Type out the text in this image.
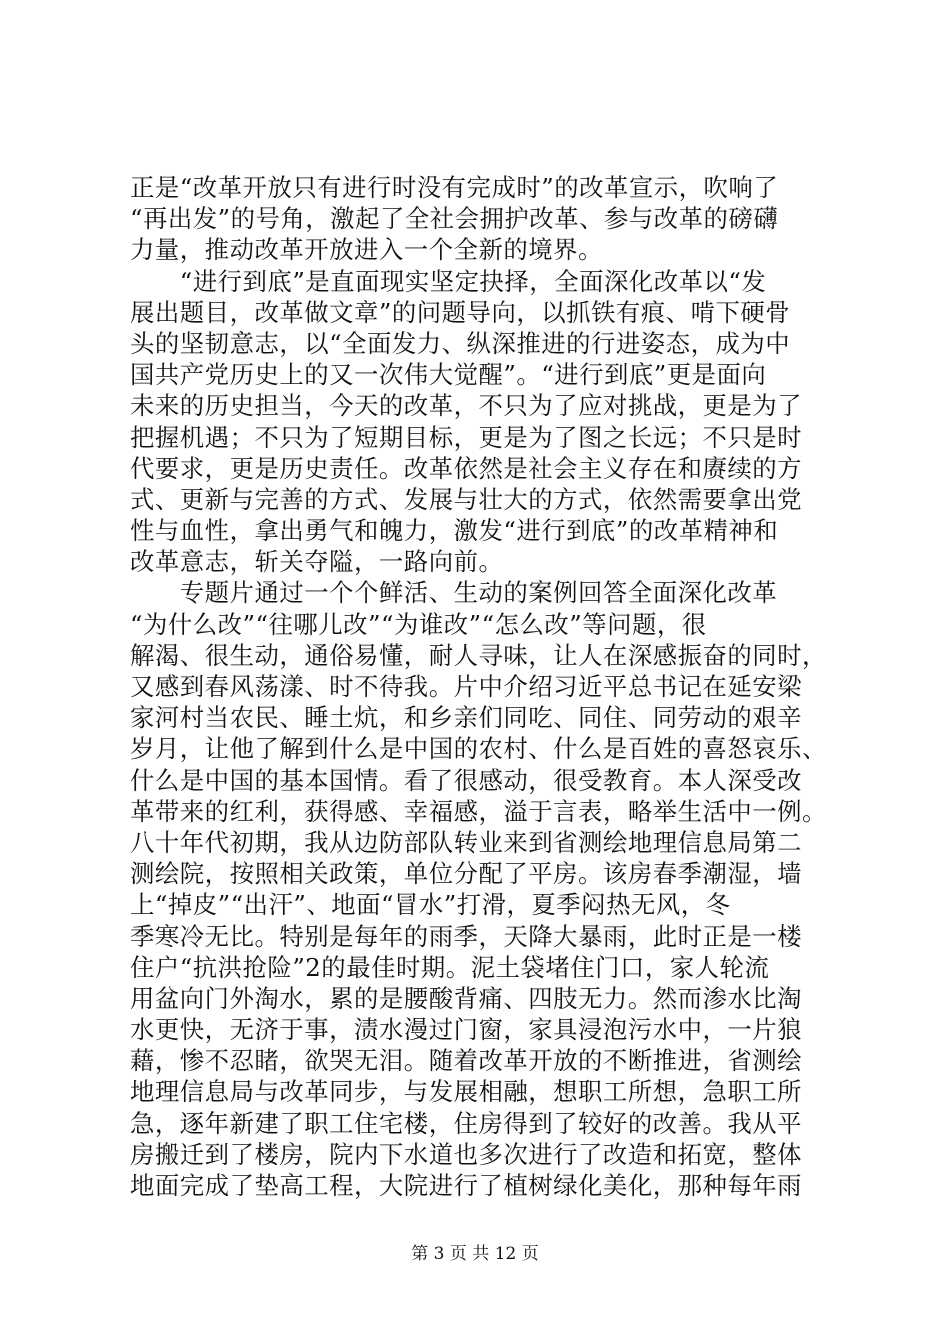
正是“改革开放只有进行时没有完成时”的改革宣示，吹响了
“再出发”的号角，激起了全社会拥护改革、参与改革的磅礴
力量，推动改革开放进入一个全新的境界。
　　“进行到底”是直面现实坚定抉择，全面深化改革以“发
展出题目，改革做文章”的问题导向，以抓铁有痕、啃下硬骨
头的坚韧意志，以“全面发力、纵深推进的行进姿态，成为中
国共产党历史上的又一次伟大觉醒”。“进行到底”更是面向
未来的历史担当，今天的改革，不只为了应对挑战，更是为了
把握机遇；不只为了短期目标，更是为了图之长远；不只是时
代要求，更是历史责任。改革依然是社会主义存在和赓续的方
式、更新与完善的方式、发展与壮大的方式，依然需要拿出党
性与血性，拿出勇气和魄力，激发“进行到底”的改革精神和
改革意志，斩关夺隘，一路向前。
　　专题片通过一个个鲜活、生动的案例回答全面深化改革
“为什么改”“往哪儿改”“为谁改”“怎么改”等问题，很
解渴、很生动，通俗易懂，耐人寻味，让人在深感振奋的同时，
又感到春风荡漾、时不待我。片中介绍习近平总书记在延安梁
家河村当农民、睡土炕，和乡亲们同吃、同住、同劳动的艰辛
岁月，让他了解到什么是中国的农村、什么是百姓的喜怒哀乐、
什么是中国的基本国情。看了很感动，很受教育。本人深受改
革带来的红利，获得感、幸福感，溢于言表，略举生活中一例。
八十年代初期，我从边防部队转业来到省测绘地理信息局第二
测绘院，按照相关政策，单位分配了平房。该房春季潮湿，墙
上“掉皮”“出汗”、地面“冒水”打滑，夏季闷热无风，冬
季寒冷无比。特别是每年的雨季，天降大暴雨，此时正是一楼
住户“抗洪抢险”2的最佳时期。泥土袋堵住门口，家人轮流
用盆向门外淘水，累的是腰酸背痛、四肢无力。然而渗水比淘
水更快，无济于事，渍水漫过门窗，家具浸泡污水中，一片狼
藉，惨不忍睹，欲哭无泪。随着改革开放的不断推进，省测绘
地理信息局与改革同步，与发展相融，想职工所想，急职工所
急，逐年新建了职工住宅楼，住房得到了较好的改善。我从平
房搬迁到了楼房，院内下水道也多次进行了改造和拓宽，整体
地面完成了垫高工程，大院进行了植树绿化美化，那种每年雨
第 3 页 共 12 页
